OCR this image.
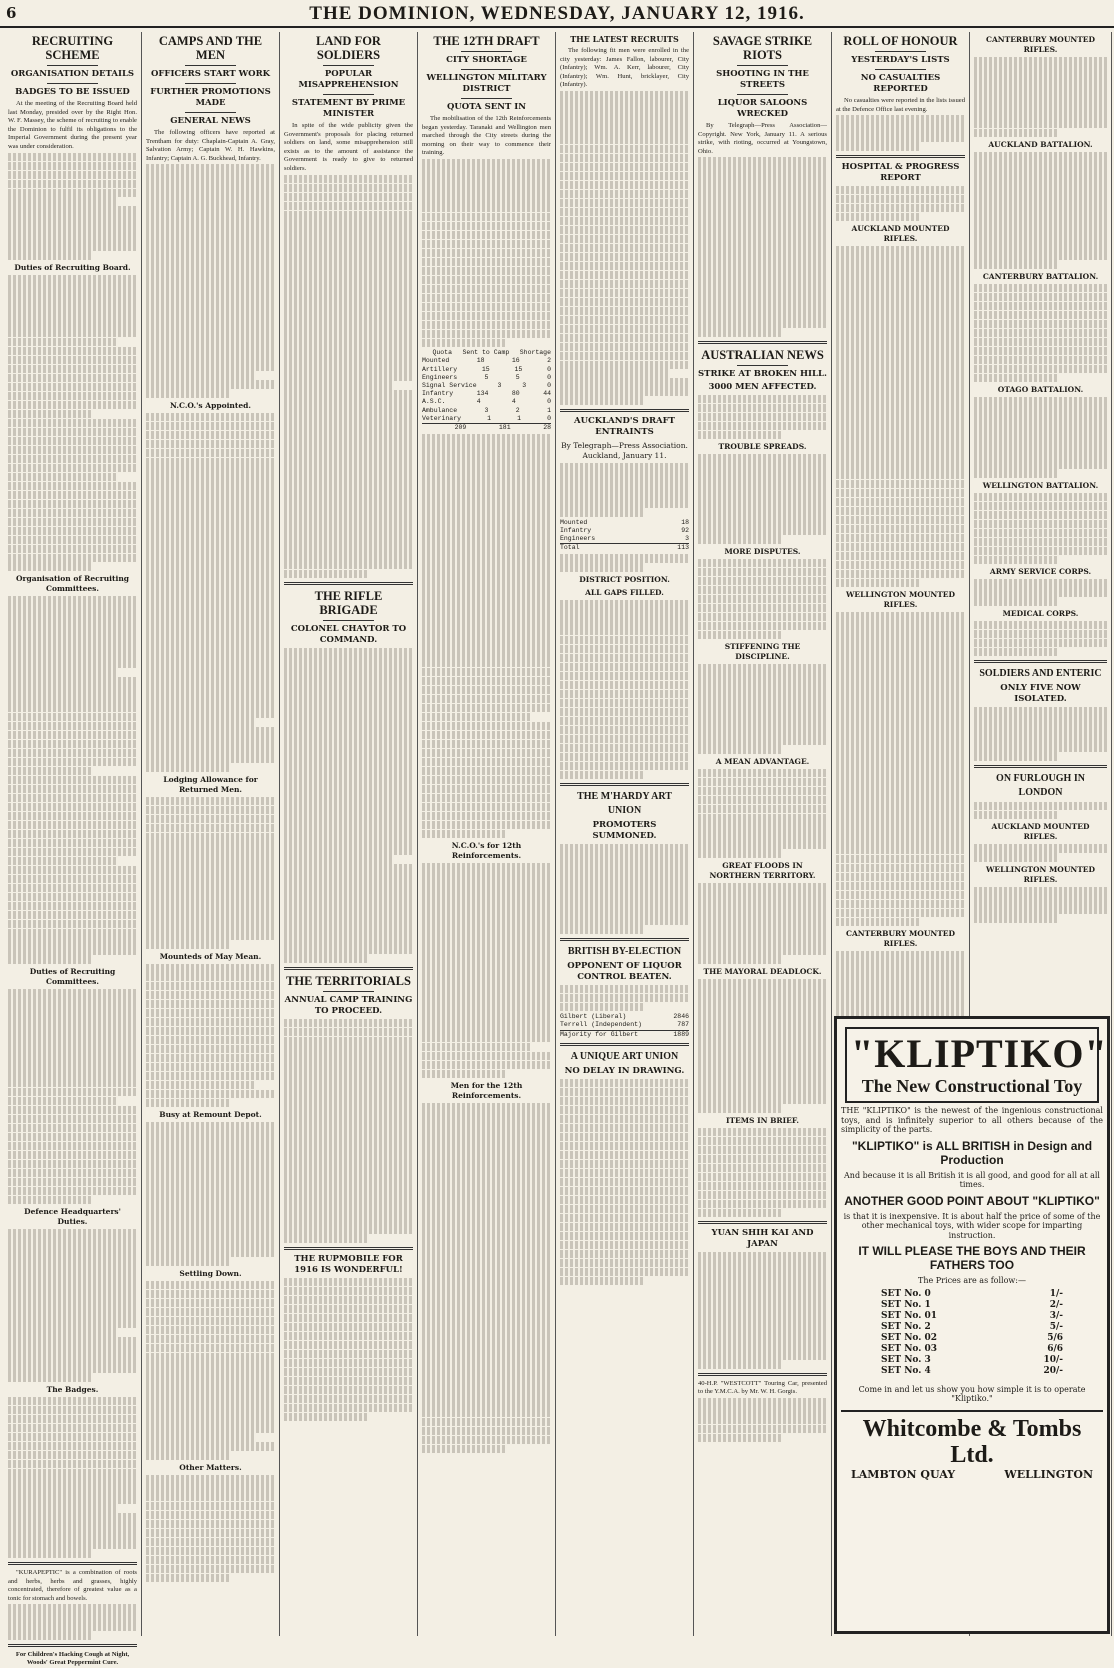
6	THE DOMINION, WEDNESDAY, JANUARY 12, 1916.
RECRUITING SCHEME
ORGANISATION DETAILS
BADGES TO BE ISSUED
At the meeting of the Recruiting Board held last Monday, presided over by the Right Hon. W. F. Massey, the scheme of recruiting to enable the Dominion to fulfil its obligations to the Imperial Government during the present year was under consideration.
Duties of Recruiting Board.
Organisation of Recruiting Committees.
Duties of Recruiting Committees.
Defence Headquarters' Duties.
The Badges.
"KURAPEPTIC" is a combination of roots and herbs, herbs and grasses, highly concentrated, therefore of greatest value as a tonic for stomach and bowels.
For Children's Hacking Cough at Night, Woods' Great Peppermint Cure.
CAMPS AND THE MEN
OFFICERS START WORK
FURTHER PROMOTIONS MADE
GENERAL NEWS
The following officers have reported at Trentham for duty: Chaplain-Captain A. Gray, Salvation Army; Captain W. H. Hawkins, Infantry; Captain A. G. Buckhead, Infantry.
N.C.O.'s Appointed.
Lodging Allowance for Returned Men.
Mounteds of May Mean.
Busy at Remount Depot.
Settling Down.
Other Matters.
LAND FOR SOLDIERS
POPULAR MISAPPREHENSION
STATEMENT BY PRIME MINISTER
In spite of the wide publicity given the Government's proposals for placing returned soldiers on land, some misapprehension still exists as to the amount of assistance the Government is ready to give to returned soldiers.
THE RIFLE BRIGADE
COLONEL CHAYTOR TO COMMAND.
THE TERRITORIALS
ANNUAL CAMP TRAINING TO PROCEED.
THE RUPMOBILE FOR 1916 IS WONDERFUL!
THE 12TH DRAFT
CITY SHORTAGE
WELLINGTON MILITARY DISTRICT
QUOTA SENT IN
The mobilisation of the 12th Reinforcements began yesterday. Taranaki and Wellington men marched through the City streets during the morning on their way to commence their training.
Quota Sent to Camp Shortage
Mounted	18	16	2
Artillery	15	15	0
Engineers	5	5	0
Signal Service	3	3	0
Infantry	134	80	44
A.S.C.	4	4	0
Ambulance	3	2	1
Veterinary	1	1	0
209	181	28
N.C.O.'s for 12th Reinforcements.
Men for the 12th Reinforcements.
THE LATEST RECRUITS
The following fit men were enrolled in the city yesterday: James Fallon, labourer, City (Infantry); Wm. A. Kerr, labourer, City (Infantry); Wm. Hunt, bricklayer, City (Infantry).
AUCKLAND'S DRAFT ENTRAINTS
By Telegraph—Press Association. Auckland, January 11.
Mounted	18
Infantry	92
Engineers	3
Total	113
DISTRICT POSITION.
ALL GAPS FILLED.
THE M'HARDY ART UNION
PROMOTERS SUMMONED.
BRITISH BY-ELECTION
OPPONENT OF LIQUOR CONTROL BEATEN.
Gilbert (Liberal)	2846
Terrell (Independent)	787
Majority for Gilbert	1889
A UNIQUE ART UNION
NO DELAY IN DRAWING.
SAVAGE STRIKE RIOTS
SHOOTING IN THE STREETS
LIQUOR SALOONS WRECKED
By Telegraph—Press Association—Copyright. New York, January 11. A serious strike, with rioting, occurred at Youngstown, Ohio.
AUSTRALIAN NEWS
STRIKE AT BROKEN HILL.
3000 MEN AFFECTED.
TROUBLE SPREADS.
MORE DISPUTES.
STIFFENING THE DISCIPLINE.
A MEAN ADVANTAGE.
GREAT FLOODS IN NORTHERN TERRITORY.
THE MAYORAL DEADLOCK.
ITEMS IN BRIEF.
YUAN SHIH KAI AND JAPAN
40-H.P. "WESTCOTT" Touring Car, presented to the Y.M.C.A. by Mr. W. H. Gorgis.
ROLL OF HONOUR
YESTERDAY'S LISTS
NO CASUALTIES REPORTED
No casualties were reported in the lists issued at the Defence Office last evening.
HOSPITAL & PROGRESS REPORT
AUCKLAND MOUNTED RIFLES.
WELLINGTON MOUNTED RIFLES.
CANTERBURY MOUNTED RIFLES.
CANTERBURY MOUNTED RIFLES.
AUCKLAND BATTALION.
CANTERBURY BATTALION.
OTAGO BATTALION.
WELLINGTON BATTALION.
ARMY SERVICE CORPS.
MEDICAL CORPS.
SOLDIERS AND ENTERIC
ONLY FIVE NOW ISOLATED.
ON FURLOUGH IN LONDON
AUCKLAND MOUNTED RIFLES.
WELLINGTON MOUNTED RIFLES.
"KLIPTIKO"
The New Constructional Toy
THE "KLIPTIKO" is the newest of the ingenious constructional toys, and is infinitely superior to all others because of the simplicity of the parts.
"KLIPTIKO" is ALL BRITISH in Design and Production
And because it is all British it is all good, and good for all at all times.
ANOTHER GOOD POINT ABOUT "KLIPTIKO"
is that it is inexpensive. It is about half the price of some of the other mechanical toys, with wider scope for imparting instruction.
IT WILL PLEASE THE BOYS AND THEIR FATHERS TOO
The Prices are as follow:—
SET No. 0	1/-
SET No. 1	2/-
SET No. 01	3/-
SET No. 2	5/-
SET No. 02	5/6
SET No. 03	6/6
SET No. 3	10/-
SET No. 4	20/-
Come in and let us show you how simple it is to operate "Kliptiko."
Whitcombe & Tombs Ltd.
LAMBTON QUAY	WELLINGTON
